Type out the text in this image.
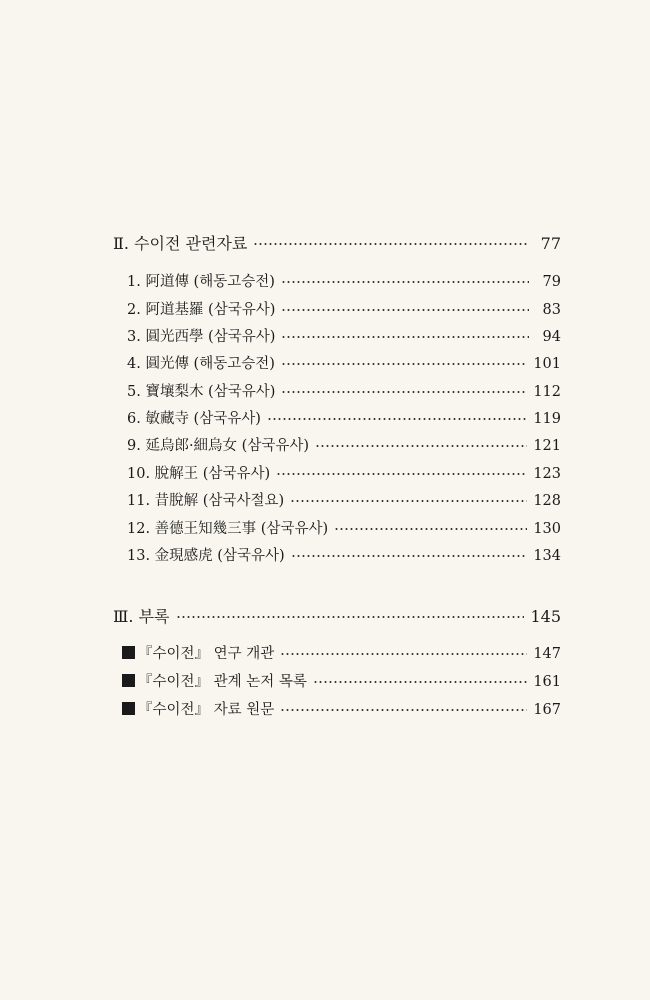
Ⅱ. 수이전 관련자료	77
1. 阿道傳 (해동고승전)	79
2. 阿道基羅 (삼국유사)	83
3. 圓光西學 (삼국유사)	94
4. 圓光傳 (해동고승전)	101
5. 寶壤梨木 (삼국유사)	112
6. 敏藏寺 (삼국유사)	119
9. 延烏郎·細烏女 (삼국유사)	121
10. 脫解王 (삼국유사)	123
11. 昔脫解 (삼국사절요)	128
12. 善德王知幾三事 (삼국유사)	130
13. 金現感虎 (삼국유사)	134
Ⅲ. 부록	145
『수이전』 연구 개관	147
『수이전』 관계 논저 목록	161
『수이전』 자료 원문	167
